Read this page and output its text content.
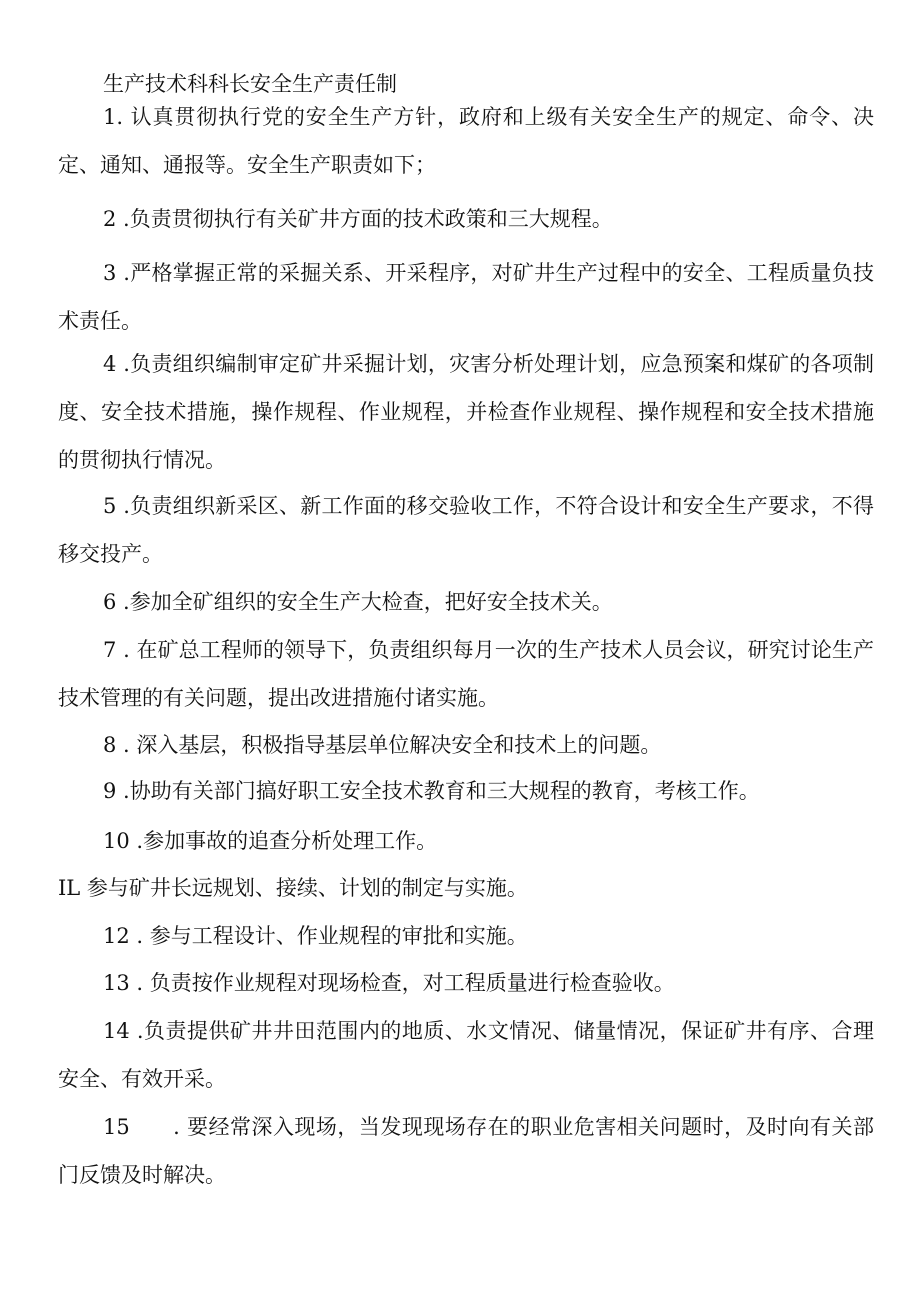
生产技术科科长安全生产责任制

1. 认真贯彻执行党的安全生产方针，政府和上级有关安全生产的规定、命令、决定、通知、通报等。安全生产职责如下；

2 .负责贯彻执行有关矿井方面的技术政策和三大规程。

3 .严格掌握正常的采掘关系、开采程序，对矿井生产过程中的安全、工程质量负技术责任。

4 .负责组织编制审定矿井采掘计划，灾害分析处理计划，应急预案和煤矿的各项制度、安全技术措施，操作规程、作业规程，并检查作业规程、操作规程和安全技术措施的贯彻执行情况。

5 .负责组织新采区、新工作面的移交验收工作，不符合设计和安全生产要求，不得移交投产。

6 .参加全矿组织的安全生产大检查，把好安全技术关。

7 . 在矿总工程师的领导下，负责组织每月一次的生产技术人员会议，研究讨论生产技术管理的有关问题，提出改进措施付诸实施。

8 . 深入基层，积极指导基层单位解决安全和技术上的问题。

9 .协助有关部门搞好职工安全技术教育和三大规程的教育，考核工作。

10 .参加事故的追查分析处理工作。

IL 参与矿井长远规划、接续、计划的制定与实施。

12 . 参与工程设计、作业规程的审批和实施。

13 . 负责按作业规程对现场检查，对工程质量进行检查验收。

14 .负责提供矿井井田范围内的地质、水文情况、储量情况，保证矿井有序、合理安全、有效开采。

15　　. 要经常深入现场，当发现现场存在的职业危害相关问题时，及时向有关部门反馈及时解决。
